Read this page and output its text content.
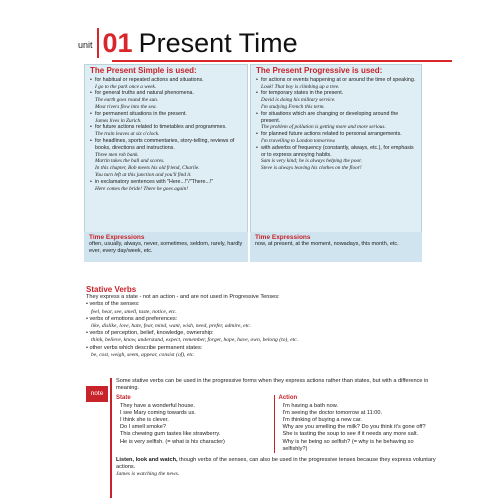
unit 01 Present Time
The Present Simple is used:
• for habitual or repeated actions and situations.
I go to the park once a week.
• for general truths and natural phenomena.
The earth goes round the sun.
Most rivers flow into the sea.
• for permanent situations in the present.
James lives in Zurich.
• for future actions related to timetables and programmes.
The train leaves at six o'clock.
• for headlines, sports commentaries, story-telling, reviews of books, directions and instructions.
Three men rob bank.
Martin takes the ball and scores.
In this chapter, Bob meets his old friend, Charlie.
You turn left at this junction and you'll find it.
• in exclamatory sentences with "Here...!"/"There...!"
Here comes the bride! There he goes again!
Time Expressions
often, usually, always, never, sometimes, seldom, rarely, hardly ever, every day/week, etc.
The Present Progressive is used:
• for actions or events happening at or around the time of speaking.
Look! That boy is climbing up a tree.
• for temporary states in the present.
David is doing his military service.
I'm studying French this term.
• for situations which are changing or developing around the present.
The problem of pollution is getting more and more serious.
• for planned future actions related to personal arrangements.
I'm travelling to London tomorrow.
• with adverbs of frequency (constantly, always, etc.), for emphasis or to express annoying habits.
Sam is very kind; he is always helping the poor.
Steve is always leaving his clothes on the floor!
Time Expressions
now, at present, at the moment, nowadays, this month, etc.
Stative Verbs
They express a state - not an action - and are not used in Progressive Tenses:
• verbs of the senses:
feel, hear, see, smell, taste, notice, etc.
• verbs of emotions and preferences:
like, dislike, love, hate, fear, mind, want, wish, need, prefer, admire, etc.
• verbs of perception, belief, knowledge, ownership:
think, believe, know, understand, expect, remember, forget, hope, have, own, belong (to), etc.
• other verbs which describe permanent states:
be, cost, weigh, seem, appear, consist (of), etc.
note
Some stative verbs can be used in the progressive forms when they express actions rather than states, but with a difference in meaning.
State
They have a wonderful house.
I see Mary coming towards us.
I think she is clever.
Do I smell smoke?
This chewing gum tastes like strawberry.
He is very selfish. (= what is his character)
Action
I'm having a bath now.
I'm seeing the doctor tomorrow at 11:00.
I'm thinking of buying a new car.
Why are you smelling the milk? Do you think it's gone off?
She is tasting the soup to see if it needs any more salt.
Why is he being so selfish? (= why is he behaving so selfishly?)
Listen, look and watch, though verbs of the senses, can also be used in the progressive tenses because they express voluntary actions.
James is watching the news.
